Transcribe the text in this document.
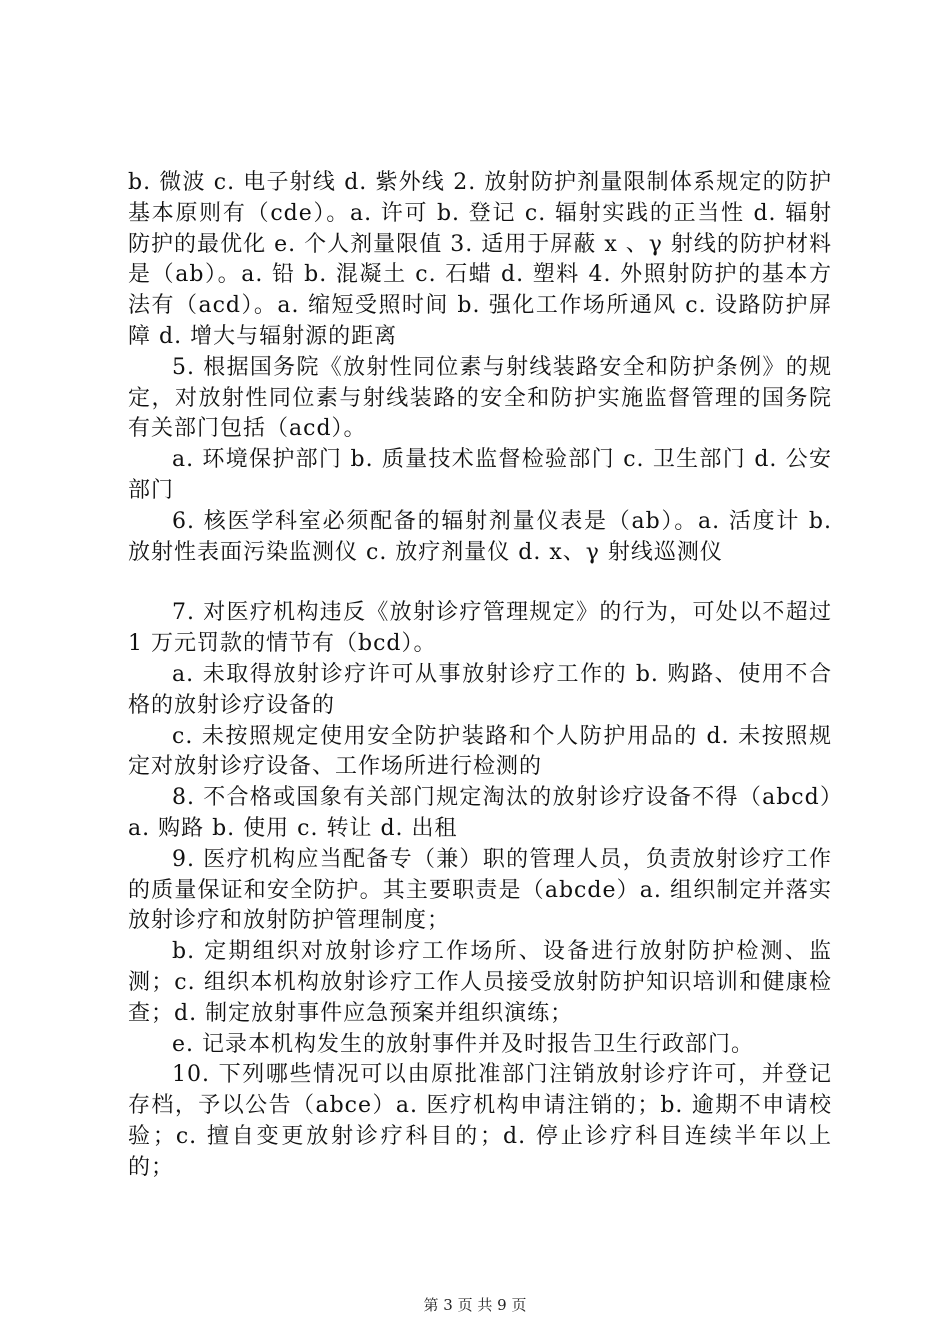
b. 微波 c. 电子射线 d. 紫外线 2. 放射防护剂量限制体系规定的防护基本原则有（cde）。a. 许可 b. 登记 c. 辐射实践的正当性 d. 辐射防护的最优化 e. 个人剂量限值 3. 适用于屏蔽 x 、γ 射线的防护材料是（ab）。a. 铅 b. 混凝土 c. 石蜡 d. 塑料 4. 外照射防护的基本方法有（acd）。a. 缩短受照时间 b. 强化工作场所通风 c. 设路防护屏障 d. 增大与辐射源的距离

5. 根据国务院《放射性同位素与射线装路安全和防护条例》的规定，对放射性同位素与射线装路的安全和防护实施监督管理的国务院有关部门包括（acd）。

a. 环境保护部门 b. 质量技术监督检验部门 c. 卫生部门 d. 公安部门

6. 核医学科室必须配备的辐射剂量仪表是（ab）。a. 活度计 b. 放射性表面污染监测仪 c. 放疗剂量仪 d. x、γ 射线巡测仪

7. 对医疗机构违反《放射诊疗管理规定》的行为，可处以不超过 1 万元罚款的情节有（bcd）。

a. 未取得放射诊疗许可从事放射诊疗工作的 b. 购路、使用不合格的放射诊疗设备的

c. 未按照规定使用安全防护装路和个人防护用品的 d. 未按照规定对放射诊疗设备、工作场所进行检测的

8. 不合格或国象有关部门规定淘汰的放射诊疗设备不得（abcd）a. 购路 b. 使用 c. 转让 d. 出租

9. 医疗机构应当配备专（兼）职的管理人员，负责放射诊疗工作的质量保证和安全防护。其主要职责是（abcde）a. 组织制定并落实放射诊疗和放射防护管理制度；

b. 定期组织对放射诊疗工作场所、设备进行放射防护检测、监测；c. 组织本机构放射诊疗工作人员接受放射防护知识培训和健康检查；d. 制定放射事件应急预案并组织演练；

e. 记录本机构发生的放射事件并及时报告卫生行政部门。

10. 下列哪些情况可以由原批准部门注销放射诊疗许可，并登记存档，予以公告（abce）a. 医疗机构申请注销的；b. 逾期不申请校验；c. 擅自变更放射诊疗科目的；d. 停止诊疗科目连续半年以上的；

第 3 页 共 9 页
